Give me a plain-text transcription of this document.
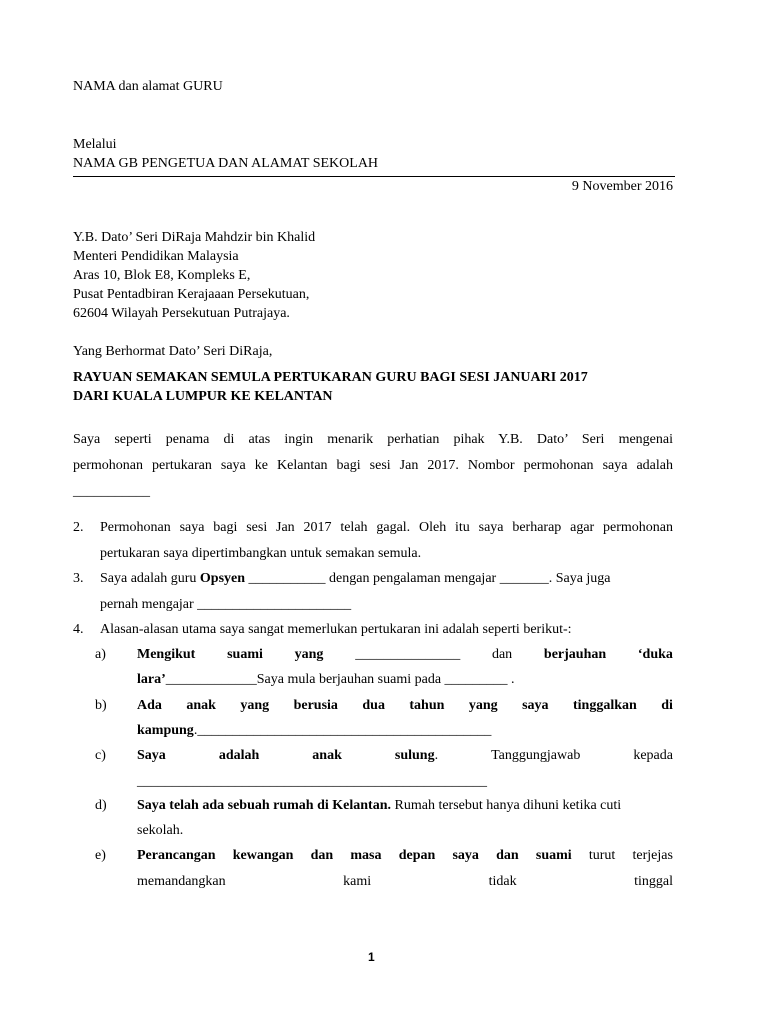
NAMA dan alamat GURU
Melalui
NAMA GB PENGETUA DAN ALAMAT SEKOLAH
9 November 2016
Y.B. Dato’ Seri DiRaja Mahdzir bin Khalid
Menteri Pendidikan Malaysia
Aras 10, Blok E8, Kompleks E,
Pusat Pentadbiran Kerajaaan Persekutuan,
62604 Wilayah Persekutuan Putrajaya.
Yang Berhormat Dato’ Seri DiRaja,
RAYUAN SEMAKAN SEMULA PERTUKARAN GURU BAGI SESI JANUARI 2017
DARI KUALA LUMPUR KE KELANTAN
Saya seperti penama di atas ingin menarik perhatian pihak Y.B. Dato’ Seri mengenai
permohonan pertukaran saya ke Kelantan bagi sesi Jan 2017. Nombor permohonan saya adalah
___________
2. Permohonan saya bagi sesi Jan 2017 telah gagal. Oleh itu saya berharap agar permohonan
pertukaran saya dipertimbangkan untuk semakan semula.
3. Saya adalah guru Opsyen ___________ dengan pengalaman mengajar _______. Saya juga
pernah mengajar ______________________
4. Alasan-alasan utama saya sangat memerlukan pertukaran ini adalah seperti berikut-:
a) Mengikut suami yang _______________ dan berjauhan ‘duka
lara’_____________Saya mula berjauhan suami pada _________ .
b) Ada anak yang berusia dua tahun yang saya tinggalkan di
kampung.__________________________________________
c) Saya	adalah	anak	sulung.	Tanggungjawab	kepada
__________________________________________________
d) Saya telah ada sebuah rumah di Kelantan. Rumah tersebut hanya dihuni ketika cuti
sekolah.
e) Perancangan kewangan dan masa depan saya dan suami turut terjejas
memandangkan	kami	tidak	tinggal
1
